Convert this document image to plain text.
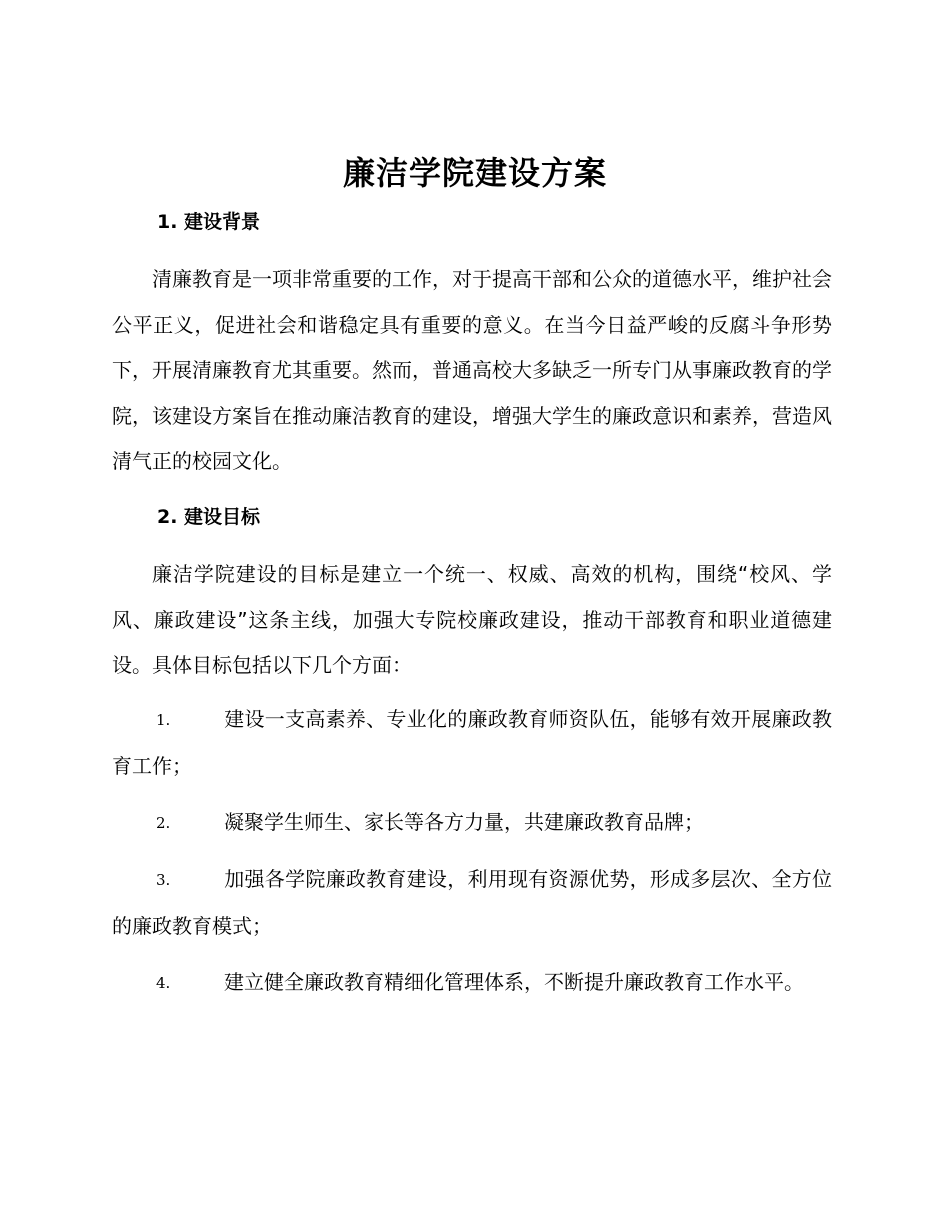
廉洁学院建设方案
1. 建设背景

清廉教育是一项非常重要的工作，对于提高干部和公众的道德水平，维护社会公平正义，促进社会和谐稳定具有重要的意义。在当今日益严峻的反腐斗争形势下，开展清廉教育尤其重要。然而，普通高校大多缺乏一所专门从事廉政教育的学院，该建设方案旨在推动廉洁教育的建设，增强大学生的廉政意识和素养，营造风清气正的校园文化。

2. 建设目标

廉洁学院建设的目标是建立一个统一、权威、高效的机构，围绕“校风、学风、廉政建设”这条主线，加强大专院校廉政建设，推动干部教育和职业道德建设。具体目标包括以下几个方面：

1.	建设一支高素养、专业化的廉政教育师资队伍，能够有效开展廉政教育工作；

2.	凝聚学生师生、家长等各方力量，共建廉政教育品牌；

3.	加强各学院廉政教育建设，利用现有资源优势，形成多层次、全方位的廉政教育模式；

4.	建立健全廉政教育精细化管理体系，不断提升廉政教育工作水平。
